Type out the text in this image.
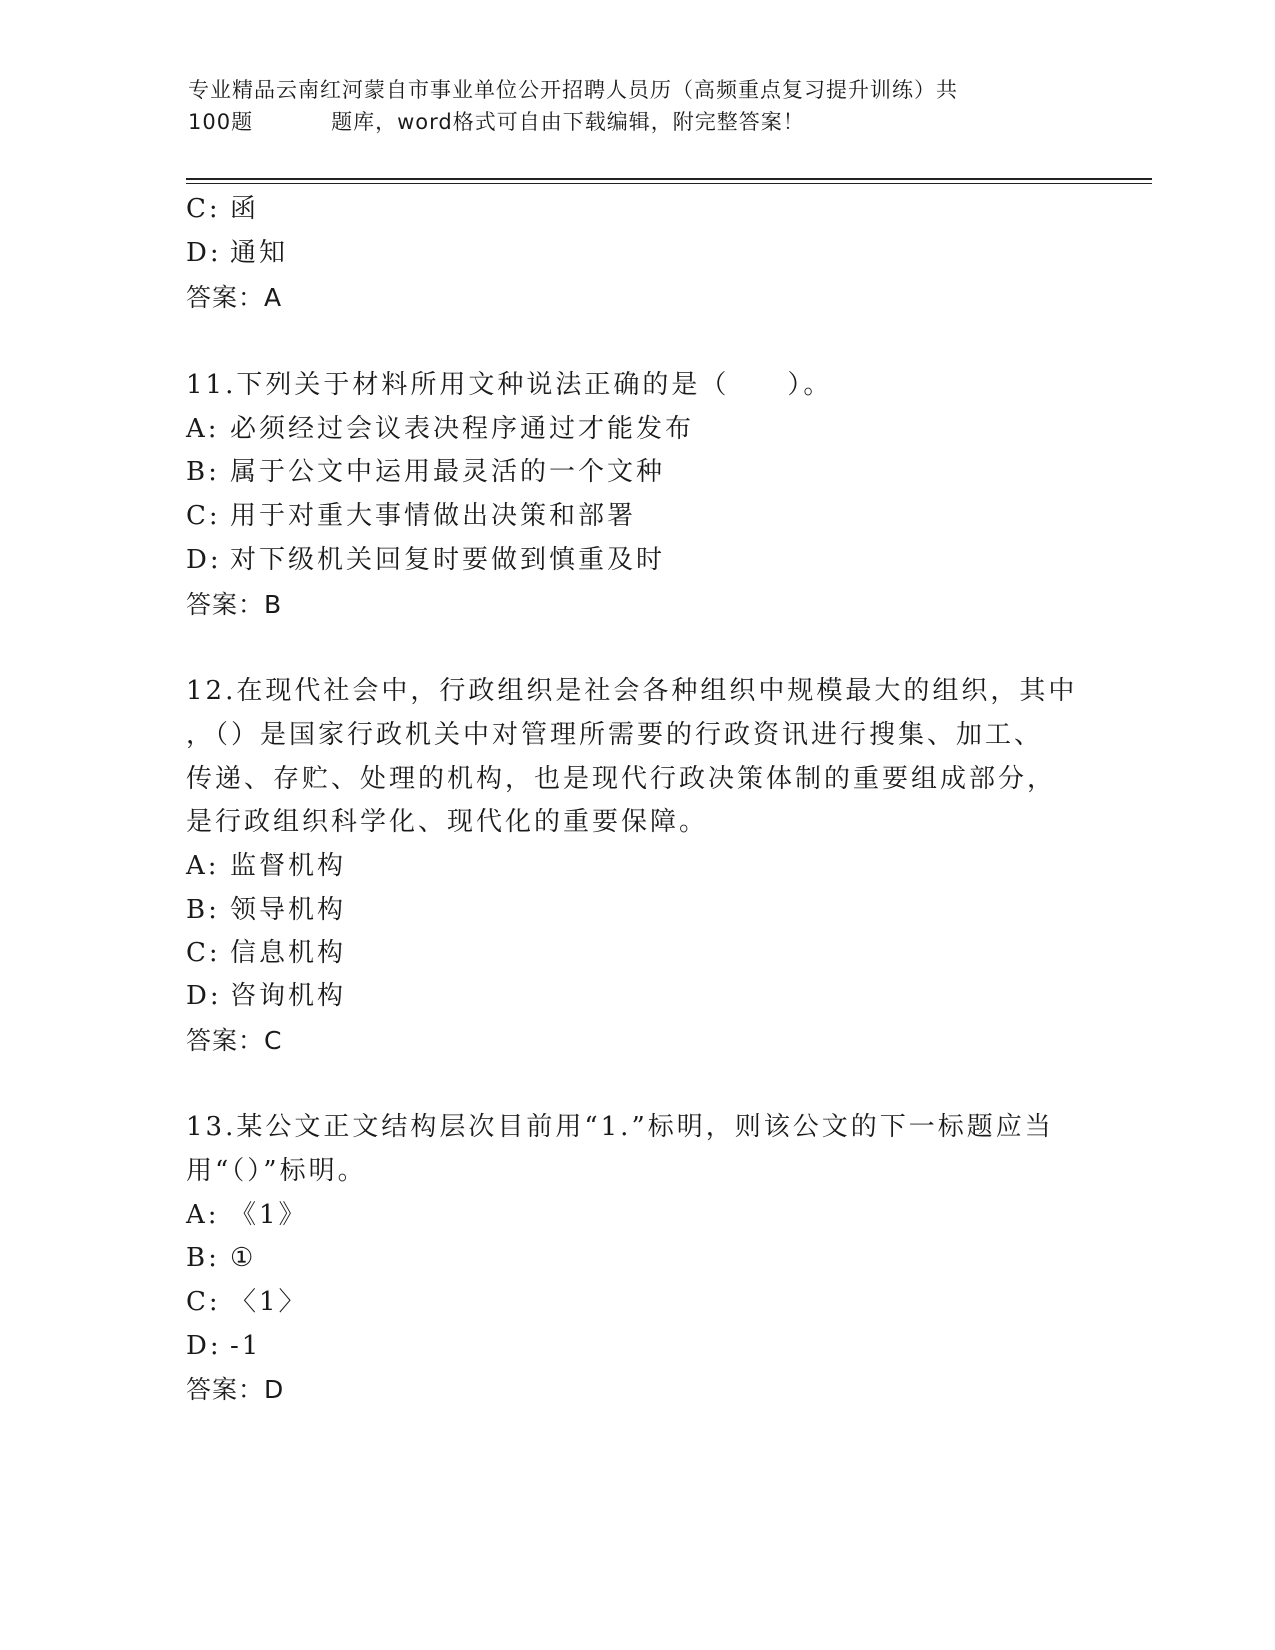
专业精品云南红河蒙自市事业单位公开招聘人员历（高频重点复习提升训练）共
100题	题库，word格式可自由下载编辑，附完整答案！
C: 函
D: 通知
答案：A
11.下列关于材料所用文种说法正确的是（　　）。
A: 必须经过会议表决程序通过才能发布
B: 属于公文中运用最灵活的一个文种
C: 用于对重大事情做出决策和部署
D: 对下级机关回复时要做到慎重及时
答案：B
12.在现代社会中，行政组织是社会各种组织中规模最大的组织，其中
，（）是国家行政机关中对管理所需要的行政资讯进行搜集、加工、
传递、存贮、处理的机构，也是现代行政决策体制的重要组成部分，
是行政组织科学化、现代化的重要保障。
A: 监督机构
B: 领导机构
C: 信息机构
D: 咨询机构
答案：C
13.某公文正文结构层次目前用“1.”标明，则该公文的下一标题应当
用“（）”标明。
A: 《1》
B: ①
C: 〈1〉
D: -1
答案：D
